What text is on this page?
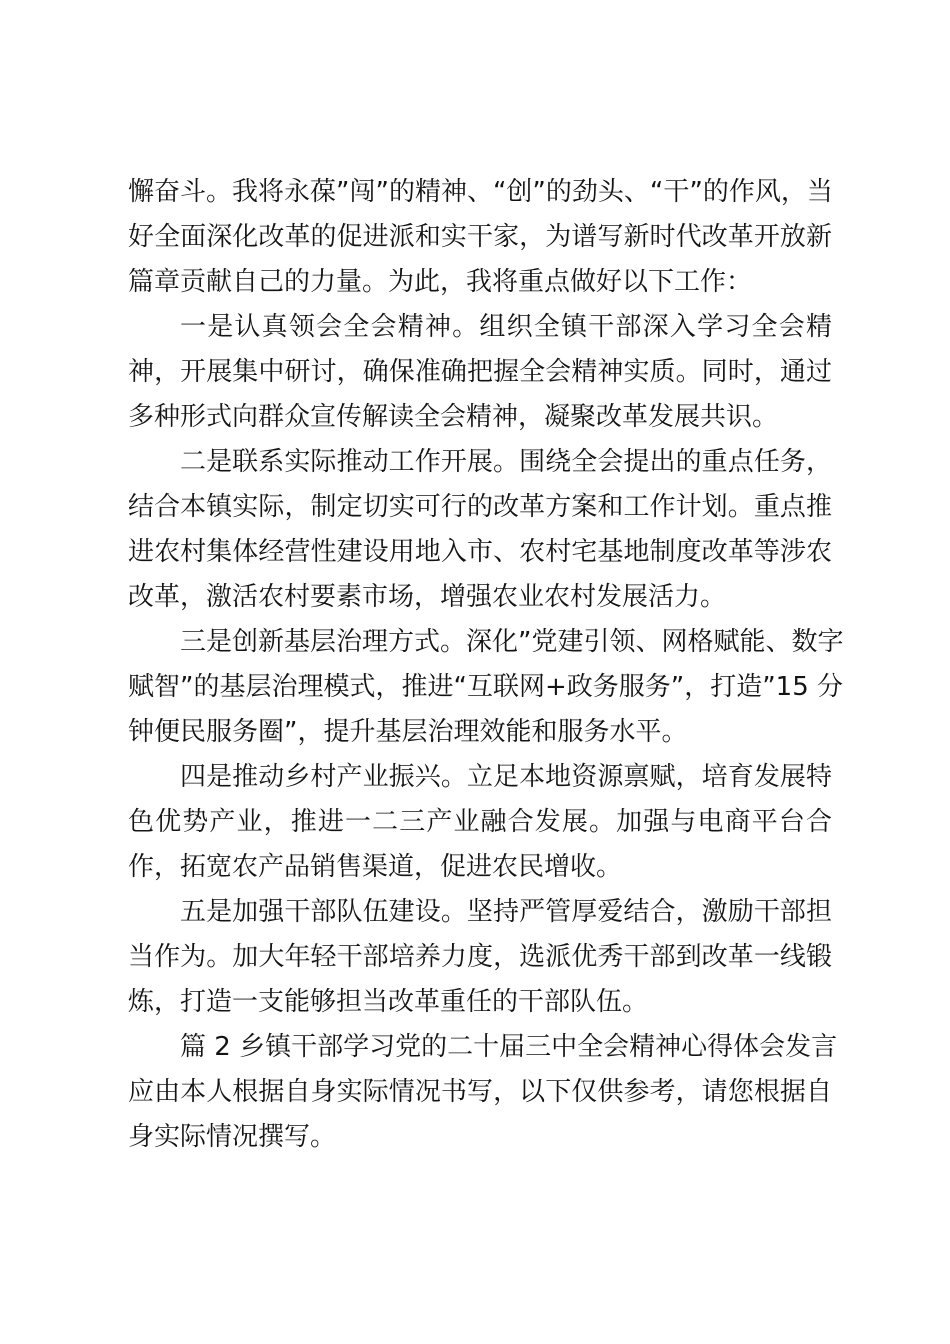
懈奋斗。我将永葆”闯”的精神、“创”的劲头、“干”的作风，当
好全面深化改革的促进派和实干家，为谱写新时代改革开放新
篇章贡献自己的力量。为此，我将重点做好以下工作：
一是认真领会全会精神。组织全镇干部深入学习全会精
神，开展集中研讨，确保准确把握全会精神实质。同时，通过
多种形式向群众宣传解读全会精神，凝聚改革发展共识。
二是联系实际推动工作开展。围绕全会提出的重点任务，
结合本镇实际，制定切实可行的改革方案和工作计划。重点推
进农村集体经营性建设用地入市、农村宅基地制度改革等涉农
改革，激活农村要素市场，增强农业农村发展活力。
三是创新基层治理方式。深化”党建引领、网格赋能、数字
赋智”的基层治理模式，推进“互联网+政务服务”，打造”15 分
钟便民服务圈”，提升基层治理效能和服务水平。
四是推动乡村产业振兴。立足本地资源禀赋，培育发展特
色优势产业，推进一二三产业融合发展。加强与电商平台合
作，拓宽农产品销售渠道，促进农民增收。
五是加强干部队伍建设。坚持严管厚爱结合，激励干部担
当作为。加大年轻干部培养力度，选派优秀干部到改革一线锻
炼，打造一支能够担当改革重任的干部队伍。
篇 2 乡镇干部学习党的二十届三中全会精神心得体会发言
应由本人根据自身实际情况书写，以下仅供参考，请您根据自
身实际情况撰写。
